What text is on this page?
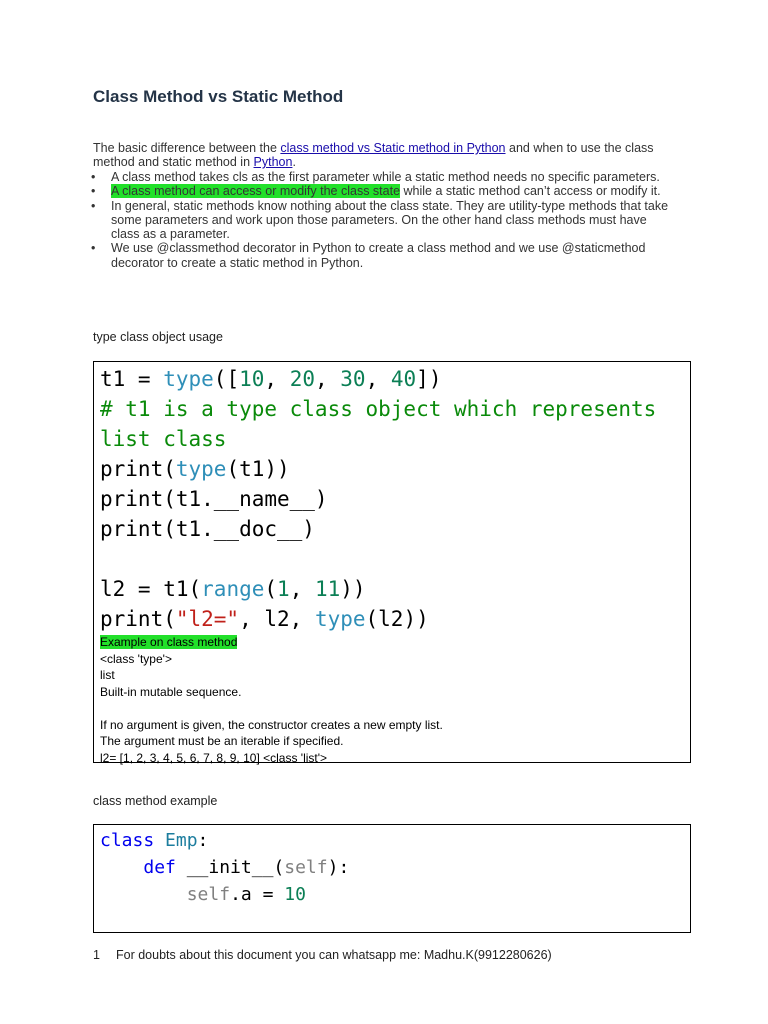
Class Method vs Static Method
The basic difference between the class method vs Static method in Python and when to use the class method and static method in Python.
• A class method takes cls as the first parameter while a static method needs no specific parameters.
• A class method can access or modify the class state while a static method can’t access or modify it.
• In general, static methods know nothing about the class state. They are utility-type methods that take some parameters and work upon those parameters. On the other hand class methods must have class as a parameter.
• We use @classmethod decorator in Python to create a class method and we use @staticmethod decorator to create a static method in Python.
type class object usage
t1 = type([10, 20, 30, 40])
# t1 is a type class object which represents
list class
print(type(t1))
print(t1.__name__)
print(t1.__doc__)

l2 = t1(range(1, 11))
print("l2=", l2, type(l2))
Example on class method
<class 'type'>
list
Built-in mutable sequence.

If no argument is given, the constructor creates a new empty list.
The argument must be an iterable if specified.
l2= [1, 2, 3, 4, 5, 6, 7, 8, 9, 10] <class 'list'>
class method example
class Emp:
def __init__(self):
self.a = 10
1 For doubts about this document you can whatsapp me: Madhu.K(9912280626)
